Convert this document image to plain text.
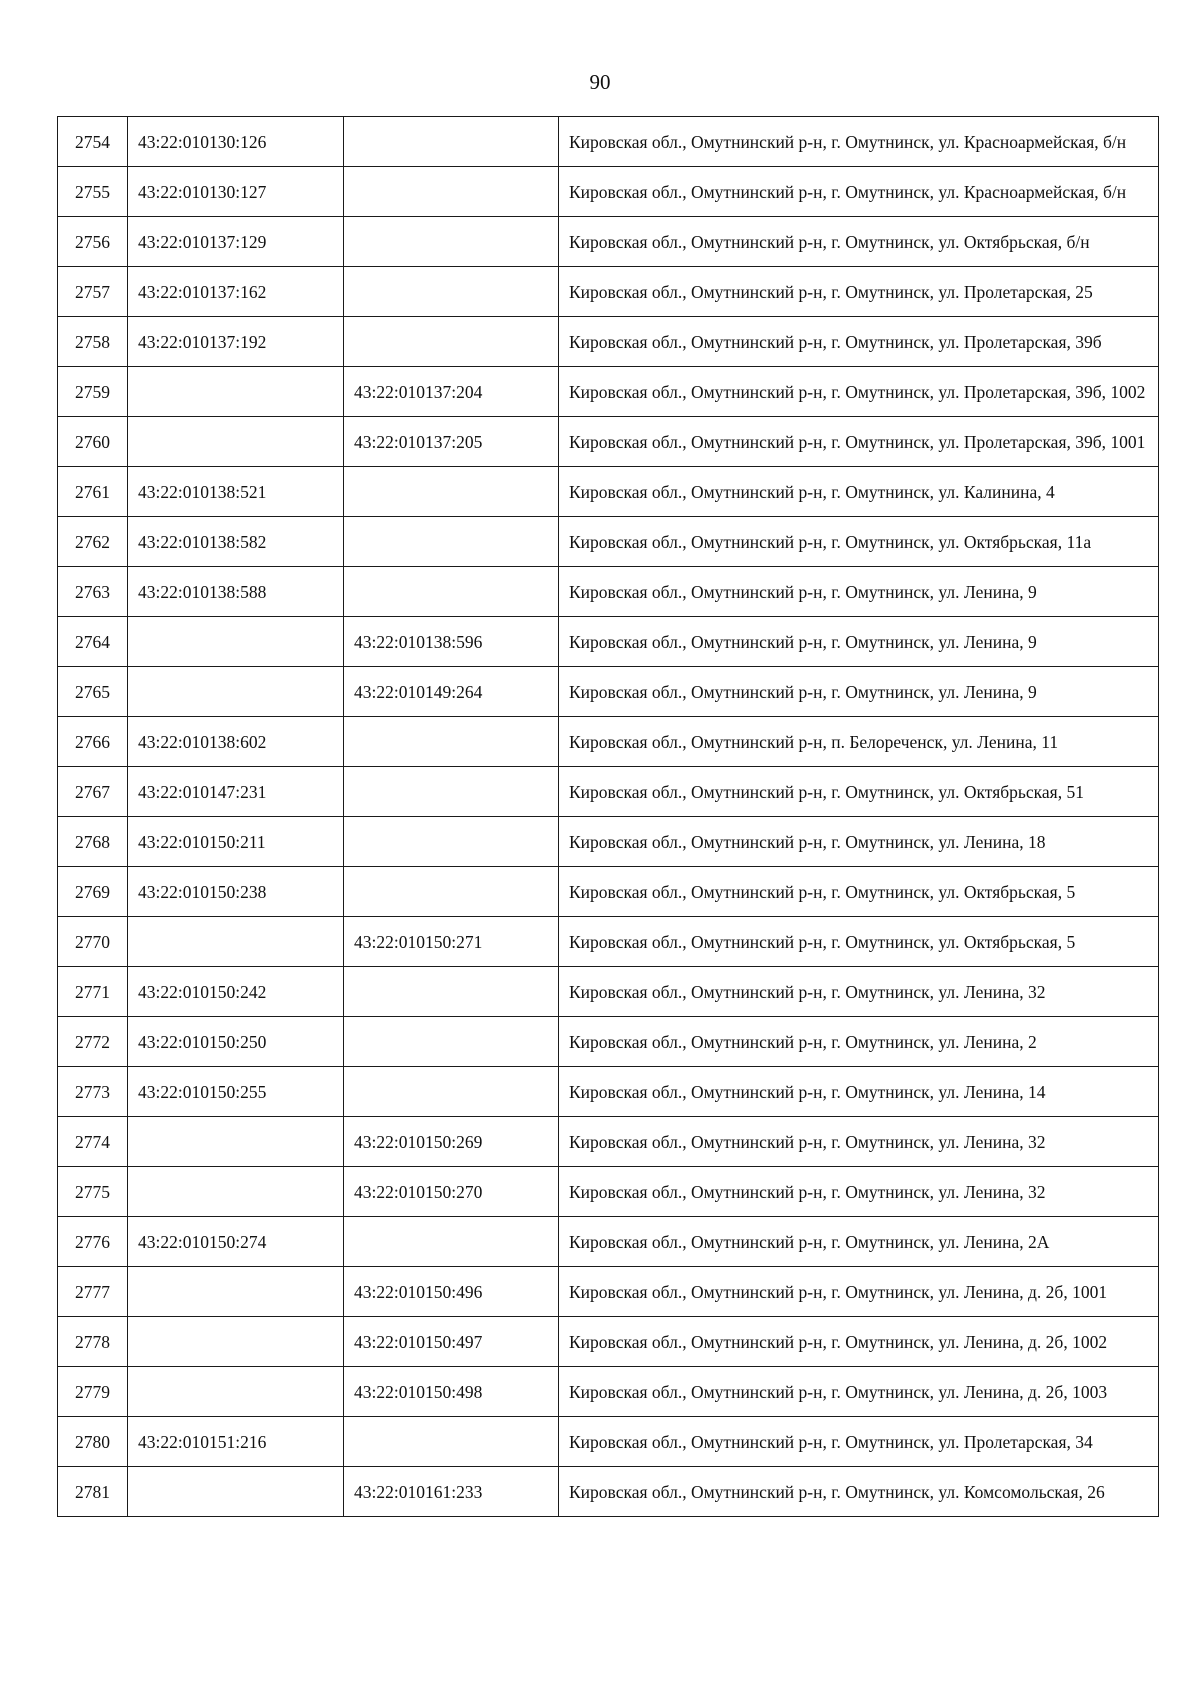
90
2754	43:22:010130:126		Кировская обл., Омутнинский р-н, г. Омутнинск, ул. Красноармейская, б/н
2755	43:22:010130:127		Кировская обл., Омутнинский р-н, г. Омутнинск, ул. Красноармейская, б/н
2756	43:22:010137:129		Кировская обл., Омутнинский р-н, г. Омутнинск, ул. Октябрьская, б/н
2757	43:22:010137:162		Кировская обл., Омутнинский р-н, г. Омутнинск, ул. Пролетарская, 25
2758	43:22:010137:192		Кировская обл., Омутнинский р-н, г. Омутнинск, ул. Пролетарская, 39б
2759		43:22:010137:204	Кировская обл., Омутнинский р-н, г. Омутнинск, ул. Пролетарская, 39б, 1002
2760		43:22:010137:205	Кировская обл., Омутнинский р-н, г. Омутнинск, ул. Пролетарская, 39б, 1001
2761	43:22:010138:521		Кировская обл., Омутнинский р-н, г. Омутнинск, ул. Калинина, 4
2762	43:22:010138:582		Кировская обл., Омутнинский р-н, г. Омутнинск, ул. Октябрьская, 11а
2763	43:22:010138:588		Кировская обл., Омутнинский р-н, г. Омутнинск, ул. Ленина, 9
2764		43:22:010138:596	Кировская обл., Омутнинский р-н, г. Омутнинск, ул. Ленина, 9
2765		43:22:010149:264	Кировская обл., Омутнинский р-н, г. Омутнинск, ул. Ленина, 9
2766	43:22:010138:602		Кировская обл., Омутнинский р-н, п. Белореченск, ул. Ленина, 11
2767	43:22:010147:231		Кировская обл., Омутнинский р-н, г. Омутнинск, ул. Октябрьская, 51
2768	43:22:010150:211		Кировская обл., Омутнинский р-н, г. Омутнинск, ул. Ленина, 18
2769	43:22:010150:238		Кировская обл., Омутнинский р-н, г. Омутнинск, ул. Октябрьская, 5
2770		43:22:010150:271	Кировская обл., Омутнинский р-н, г. Омутнинск, ул. Октябрьская, 5
2771	43:22:010150:242		Кировская обл., Омутнинский р-н, г. Омутнинск, ул. Ленина, 32
2772	43:22:010150:250		Кировская обл., Омутнинский р-н, г. Омутнинск, ул. Ленина, 2
2773	43:22:010150:255		Кировская обл., Омутнинский р-н, г. Омутнинск, ул. Ленина, 14
2774		43:22:010150:269	Кировская обл., Омутнинский р-н, г. Омутнинск, ул. Ленина, 32
2775		43:22:010150:270	Кировская обл., Омутнинский р-н, г. Омутнинск, ул. Ленина, 32
2776	43:22:010150:274		Кировская обл., Омутнинский р-н, г. Омутнинск, ул. Ленина, 2А
2777		43:22:010150:496	Кировская обл., Омутнинский р-н, г. Омутнинск, ул. Ленина, д. 2б, 1001
2778		43:22:010150:497	Кировская обл., Омутнинский р-н, г. Омутнинск, ул. Ленина, д. 2б, 1002
2779		43:22:010150:498	Кировская обл., Омутнинский р-н, г. Омутнинск, ул. Ленина, д. 2б, 1003
2780	43:22:010151:216		Кировская обл., Омутнинский р-н, г. Омутнинск, ул. Пролетарская, 34
2781		43:22:010161:233	Кировская обл., Омутнинский р-н, г. Омутнинск, ул. Комсомольская, 26
